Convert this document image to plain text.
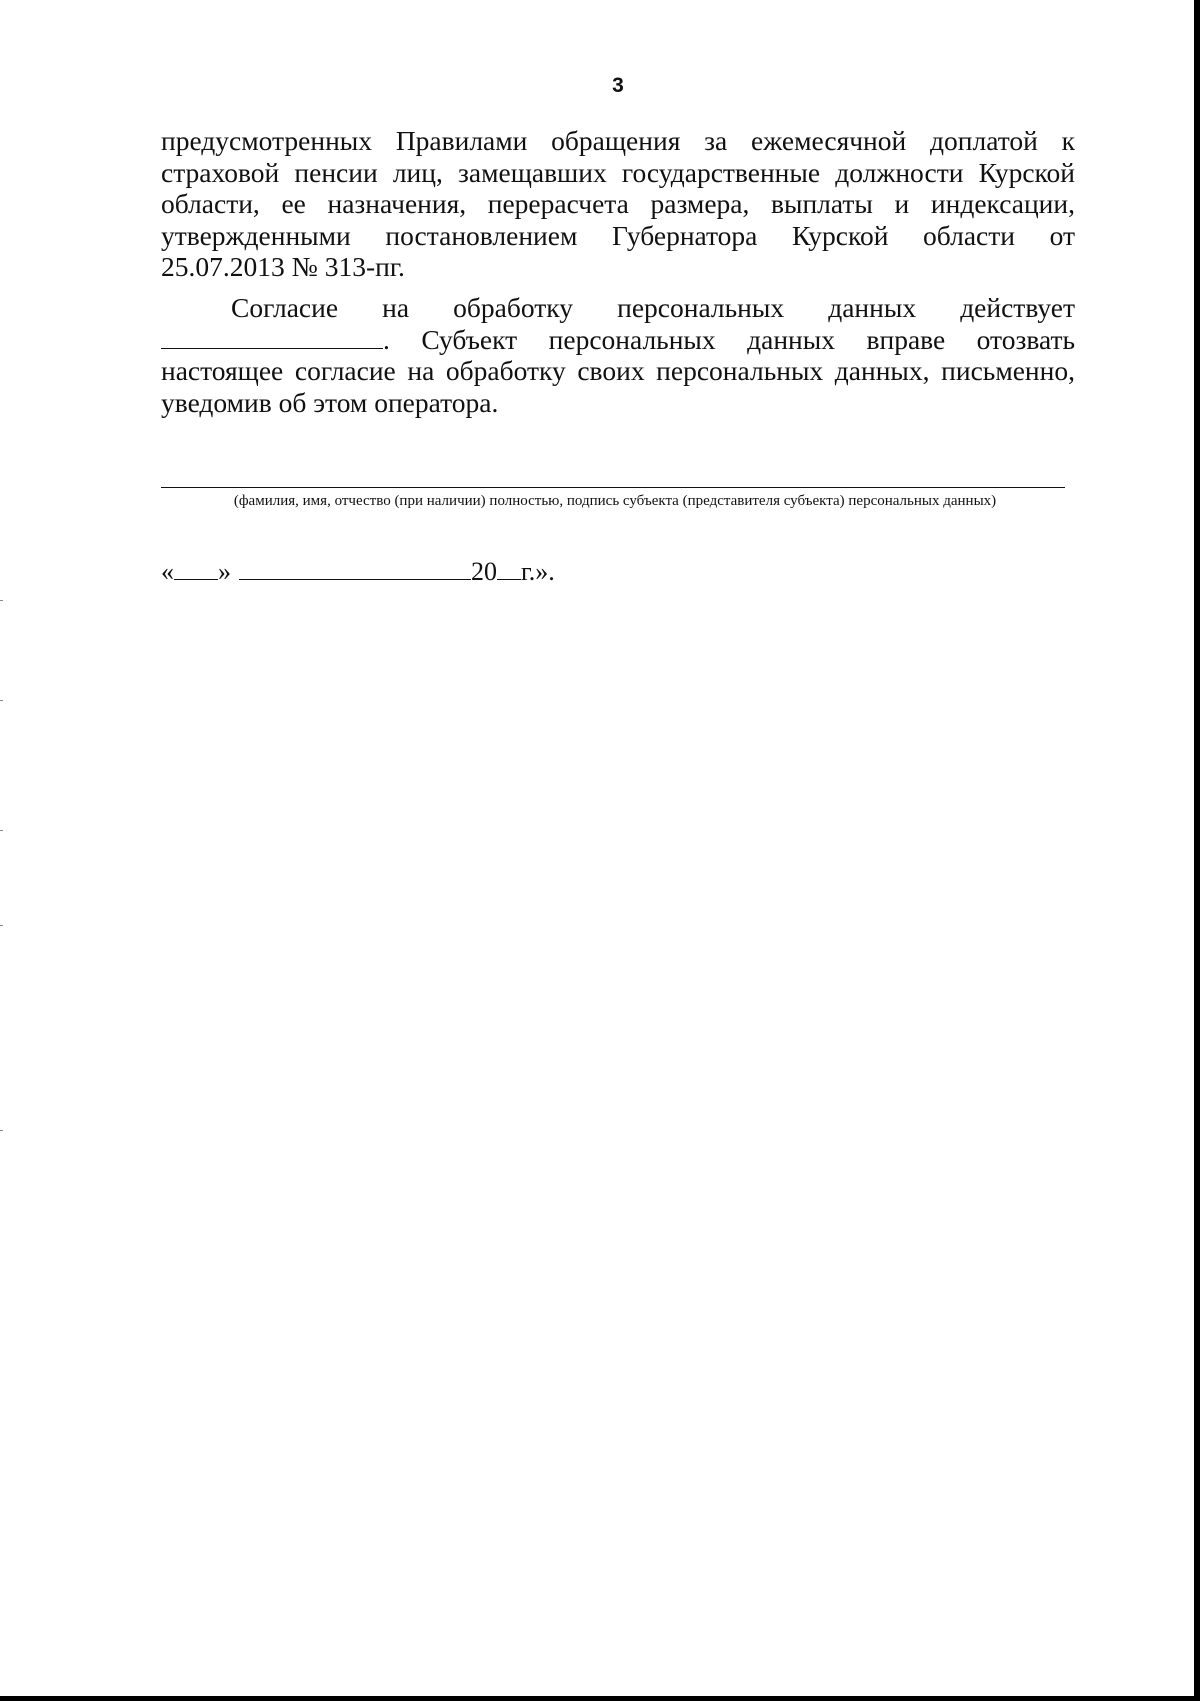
3
предусмотренных Правилами обращения за ежемесячной доплатой к
страховой пенсии лиц, замещавших государственные должности Курской
области, ее назначения, перерасчета размера, выплаты и индексации,
утвержденными постановлением Губернатора Курской области от
25.07.2013 № 313-пг.
Согласие на обработку персональных данных действует
. Субъект персональных данных вправе отозвать
настоящее согласие на обработку своих персональных данных, письменно,
уведомив об этом оператора.
(фамилия, имя, отчество (при наличии) полностью, подпись субъекта (представителя субъекта) персональных данных)
« »	20 г.».
